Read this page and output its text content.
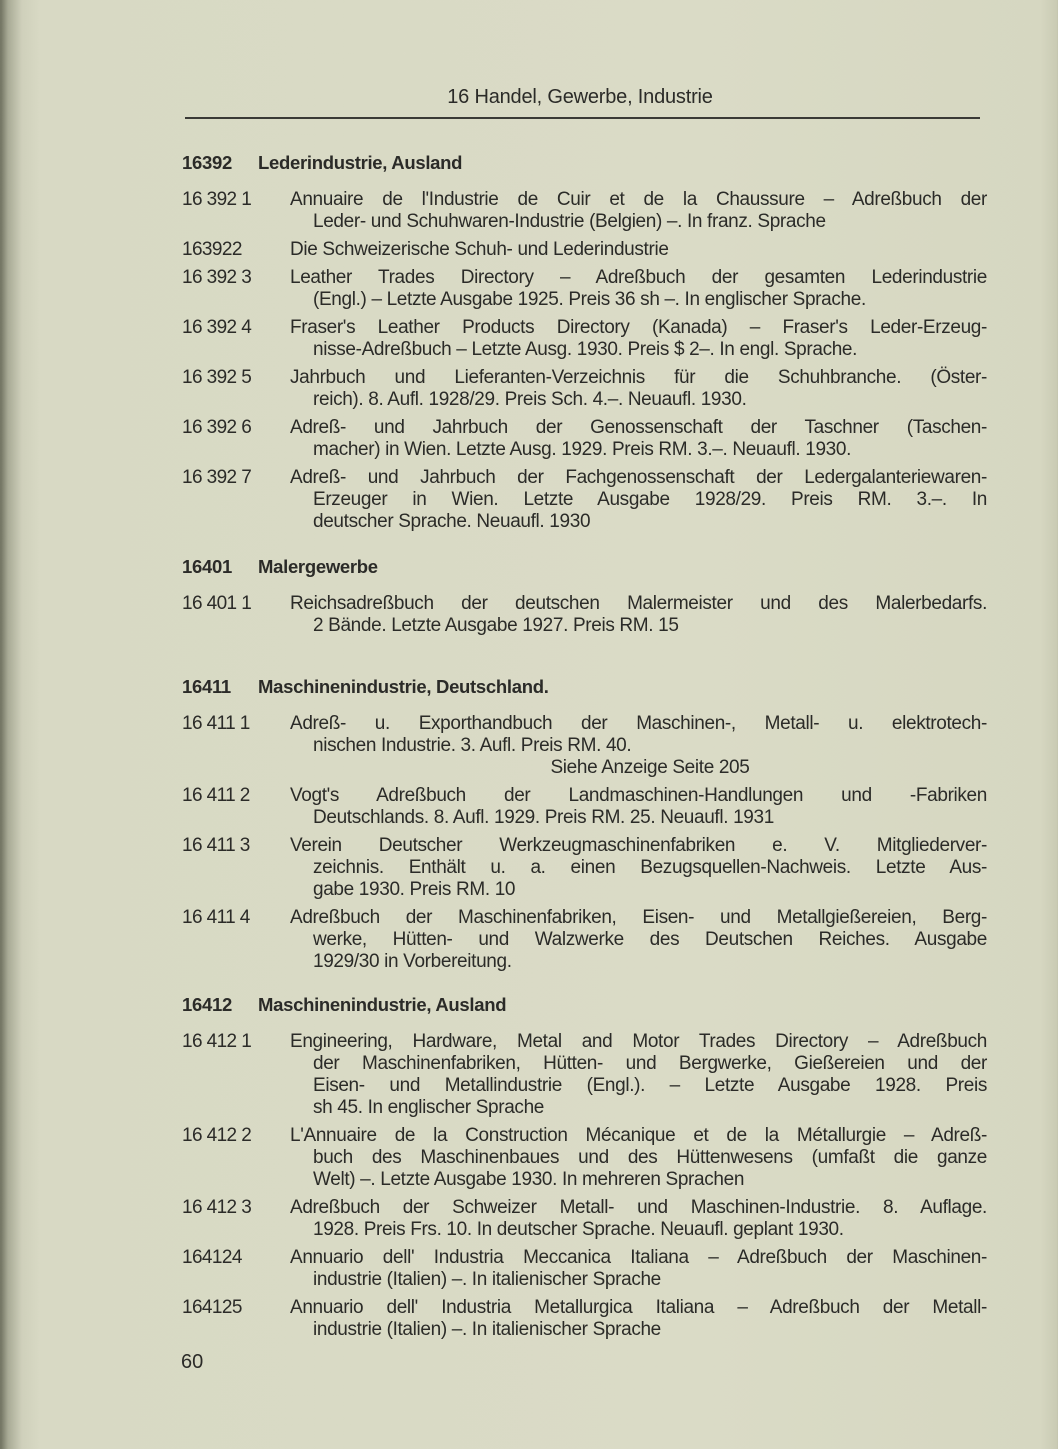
16 Handel, Gewerbe, Industrie
16392 Lederindustrie, Ausland
16 392 1 Annuaire de l'Industrie de Cuir et de la Chaussure – Adreßbuch der
Leder- und Schuhwaren-Industrie (Belgien) –. In franz. Sprache
163922	Die Schweizerische Schuh- und Lederindustrie
16 392 3 Leather Trades Directory – Adreßbuch der gesamten Lederindustrie
(Engl.) – Letzte Ausgabe 1925. Preis 36 sh –. In englischer Sprache.
16 392 4 Fraser's Leather Products Directory (Kanada) – Fraser's Leder-Erzeug-
nisse-Adreßbuch – Letzte Ausg. 1930. Preis $ 2–. In engl. Sprache.
16 392 5 Jahrbuch und Lieferanten-Verzeichnis für die Schuhbranche. (Öster-
reich). 8. Aufl. 1928/29. Preis Sch. 4.–. Neuaufl. 1930.
16 392 6 Adreß- und Jahrbuch der Genossenschaft der Taschner (Taschen-
macher) in Wien. Letzte Ausg. 1929. Preis RM. 3.–. Neuaufl. 1930.
16 392 7 Adreß- und Jahrbuch der Fachgenossenschaft der Ledergalanteriewaren-
Erzeuger in Wien. Letzte Ausgabe 1928/29. Preis RM. 3.–. In
deutscher Sprache. Neuaufl. 1930
16401 Malergewerbe
16 401 1 Reichsadreßbuch der deutschen Malermeister und des Malerbedarfs.
2 Bände. Letzte Ausgabe 1927. Preis RM. 15
16411 Maschinenindustrie, Deutschland.
16 411 1 Adreß- u. Exporthandbuch der Maschinen-, Metall- u. elektrotech-
nischen Industrie. 3. Aufl. Preis RM. 40.
Siehe Anzeige Seite 205
16 411 2 Vogt's Adreßbuch der Landmaschinen-Handlungen und -Fabriken
Deutschlands. 8. Aufl. 1929. Preis RM. 25. Neuaufl. 1931
16 411 3 Verein Deutscher Werkzeugmaschinenfabriken e. V. Mitgliederver-
zeichnis. Enthält u. a. einen Bezugsquellen-Nachweis. Letzte Aus-
gabe 1930. Preis RM. 10
16 411 4 Adreßbuch der Maschinenfabriken, Eisen- und Metallgießereien, Berg-
werke, Hütten- und Walzwerke des Deutschen Reiches. Ausgabe
1929/30 in Vorbereitung.
16412 Maschinenindustrie, Ausland
16 412 1 Engineering, Hardware, Metal and Motor Trades Directory – Adreßbuch
der Maschinenfabriken, Hütten- und Bergwerke, Gießereien und der
Eisen- und Metallindustrie (Engl.). – Letzte Ausgabe 1928. Preis
sh 45. In englischer Sprache
16 412 2 L'Annuaire de la Construction Mécanique et de la Métallurgie – Adreß-
buch des Maschinenbaues und des Hüttenwesens (umfaßt die ganze
Welt) –. Letzte Ausgabe 1930. In mehreren Sprachen
16 412 3 Adreßbuch der Schweizer Metall- und Maschinen-Industrie. 8. Auflage.
1928. Preis Frs. 10. In deutscher Sprache. Neuaufl. geplant 1930.
164124	Annuario dell' Industria Meccanica Italiana – Adreßbuch der Maschinen-
industrie (Italien) –. In italienischer Sprache
164125	Annuario dell' Industria Metallurgica Italiana – Adreßbuch der Metall-
industrie (Italien) –. In italienischer Sprache
60
